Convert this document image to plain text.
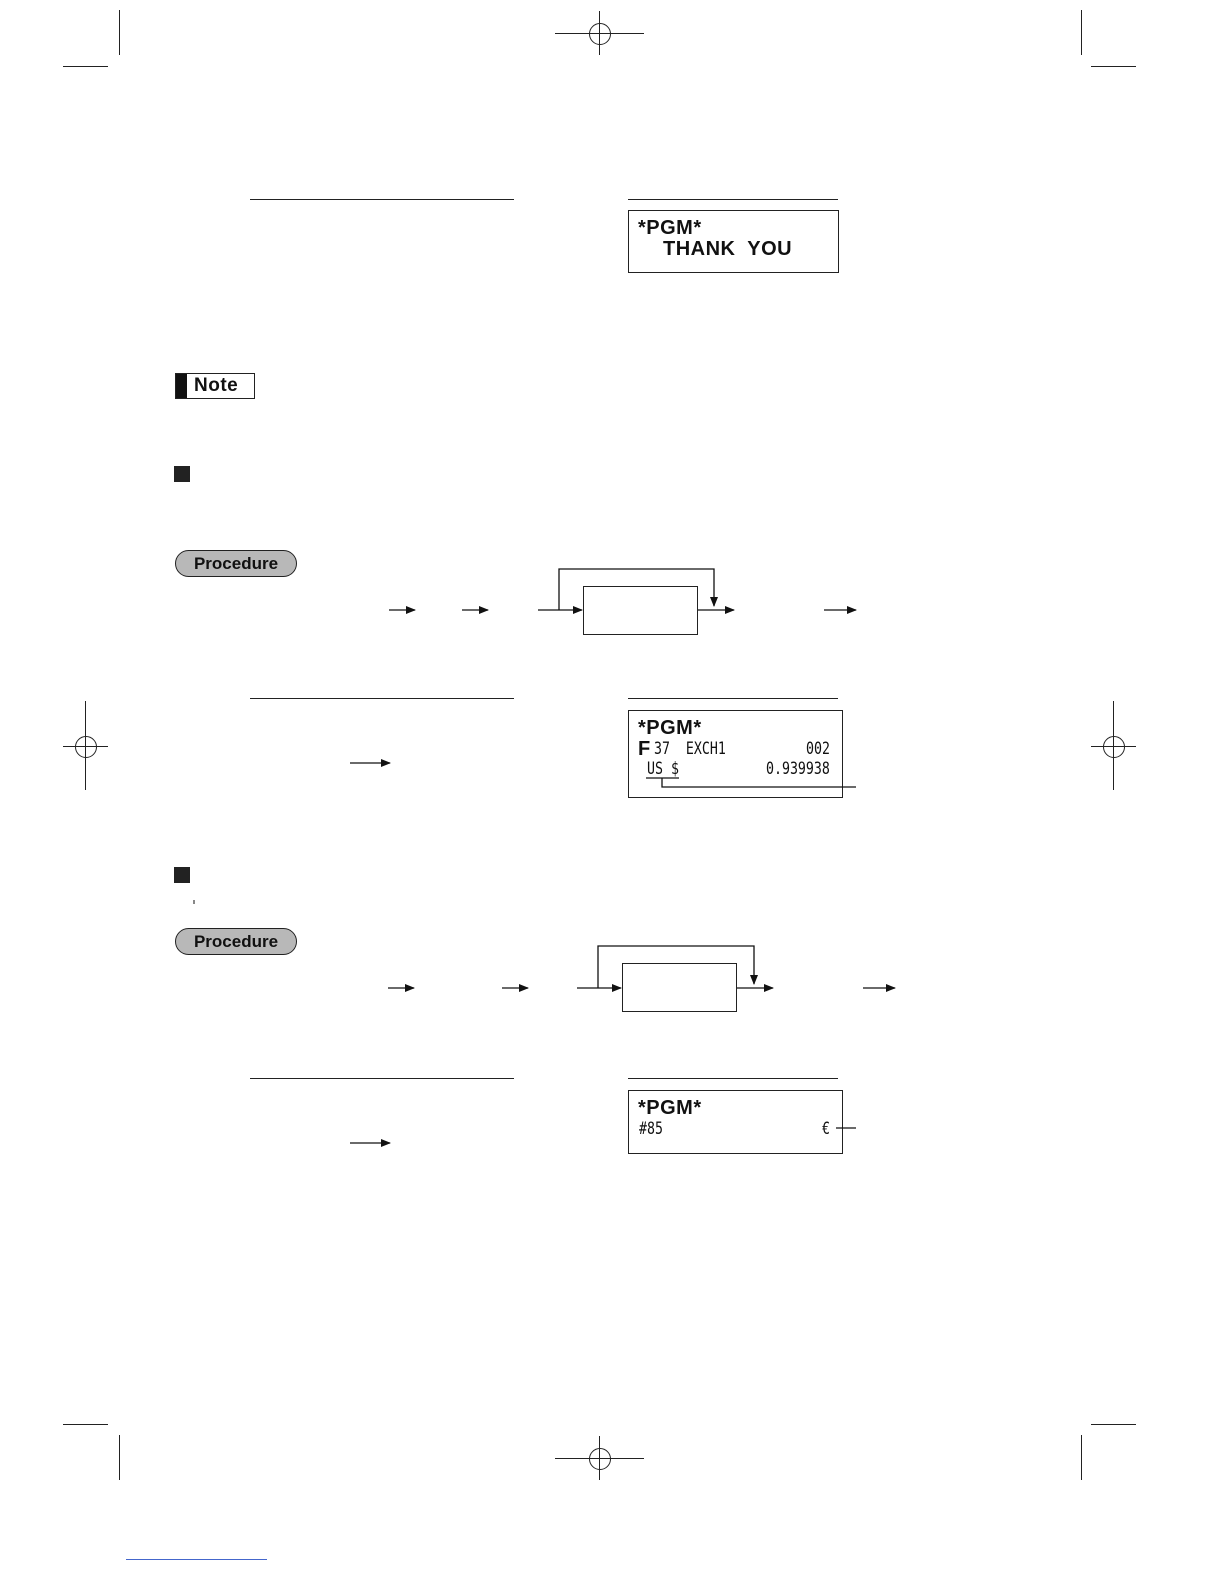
*PGM*
THANK  YOU
Note
Procedure
*PGM*
F 37  EXCH1	002
US $	0.939938
Procedure
*PGM*
#85	€
